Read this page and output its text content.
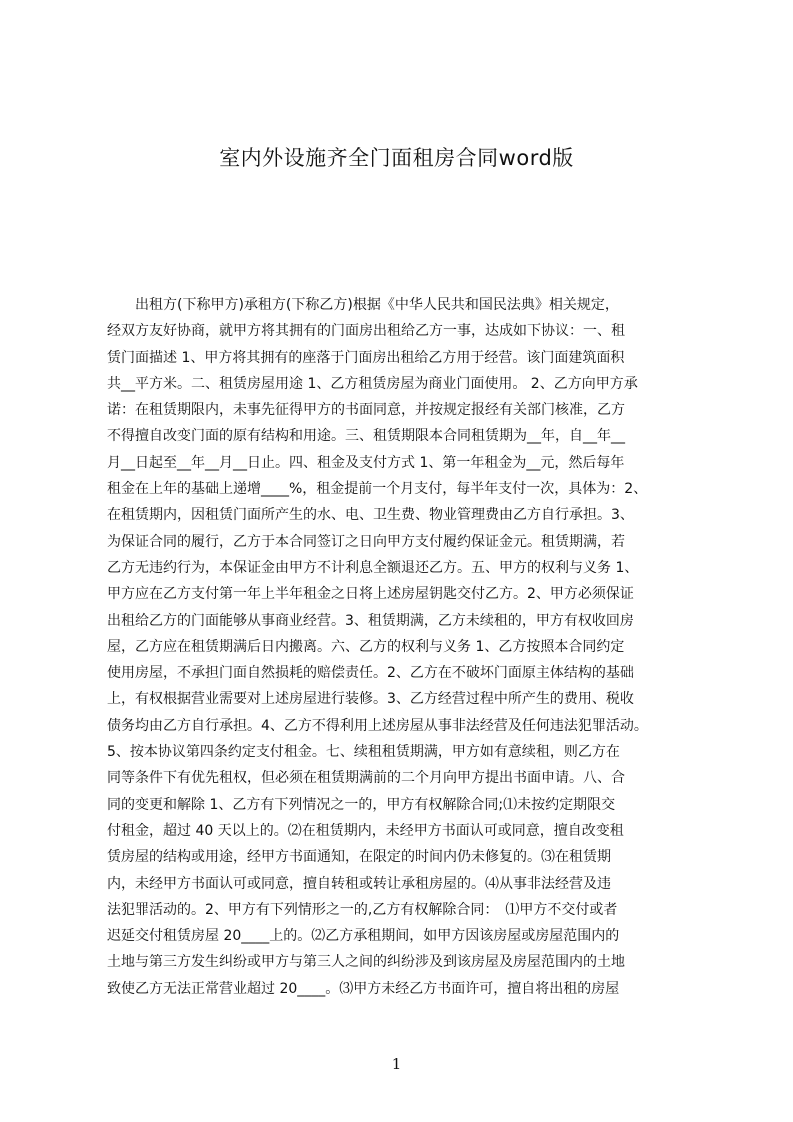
室内外设施齐全门面租房合同word版
　　出租方(下称甲方)承租方(下称乙方)根据《中华人民共和国民法典》相关规定，
经双方友好协商，就甲方将其拥有的门面房出租给乙方一事，达成如下协议：一、租
赁门面描述 1、甲方将其拥有的座落于门面房出租给乙方用于经营。该门面建筑面积
共__平方米。二、租赁房屋用途 1、乙方租赁房屋为商业门面使用。 2、乙方向甲方承
诺：在租赁期限内，未事先征得甲方的书面同意，并按规定报经有关部门核准，乙方
不得擅自改变门面的原有结构和用途。三、租赁期限本合同租赁期为__年，自__年__
月__日起至__年__月__日止。四、租金及支付方式 1、第一年租金为__元，然后每年
租金在上年的基础上递增____%，租金提前一个月支付，每半年支付一次，具体为：2、
在租赁期内，因租赁门面所产生的水、电、卫生费、物业管理费由乙方自行承担。3、
为保证合同的履行，乙方于本合同签订之日向甲方支付履约保证金元。租赁期满，若
乙方无违约行为，本保证金由甲方不计利息全额退还乙方。五、甲方的权利与义务 1、
甲方应在乙方支付第一年上半年租金之日将上述房屋钥匙交付乙方。2、甲方必须保证
出租给乙方的门面能够从事商业经营。3、租赁期满，乙方未续租的，甲方有权收回房
屋，乙方应在租赁期满后日内搬离。六、乙方的权利与义务 1、乙方按照本合同约定
使用房屋，不承担门面自然损耗的赔偿责任。2、乙方在不破坏门面原主体结构的基础
上，有权根据营业需要对上述房屋进行装修。3、乙方经营过程中所产生的费用、税收
债务均由乙方自行承担。4、乙方不得利用上述房屋从事非法经营及任何违法犯罪活动。
5、按本协议第四条约定支付租金。七、续租租赁期满，甲方如有意续租，则乙方在
同等条件下有优先租权，但必须在租赁期满前的二个月向甲方提出书面申请。八、合
同的变更和解除 1、乙方有下列情况之一的，甲方有权解除合同;⑴未按约定期限交
付租金，超过 40 天以上的。⑵在租赁期内，未经甲方书面认可或同意，擅自改变租
赁房屋的结构或用途，经甲方书面通知，在限定的时间内仍未修复的。⑶在租赁期
内，未经甲方书面认可或同意，擅自转租或转让承租房屋的。⑷从事非法经营及违
法犯罪活动的。2、甲方有下列情形之一的,乙方有权解除合同：　⑴甲方不交付或者
迟延交付租赁房屋 20____上的。⑵乙方承租期间，如甲方因该房屋或房屋范围内的
土地与第三方发生纠纷或甲方与第三人之间的纠纷涉及到该房屋及房屋范围内的土地
致使乙方无法正常营业超过 20____。⑶甲方未经乙方书面许可，擅自将出租的房屋
1
